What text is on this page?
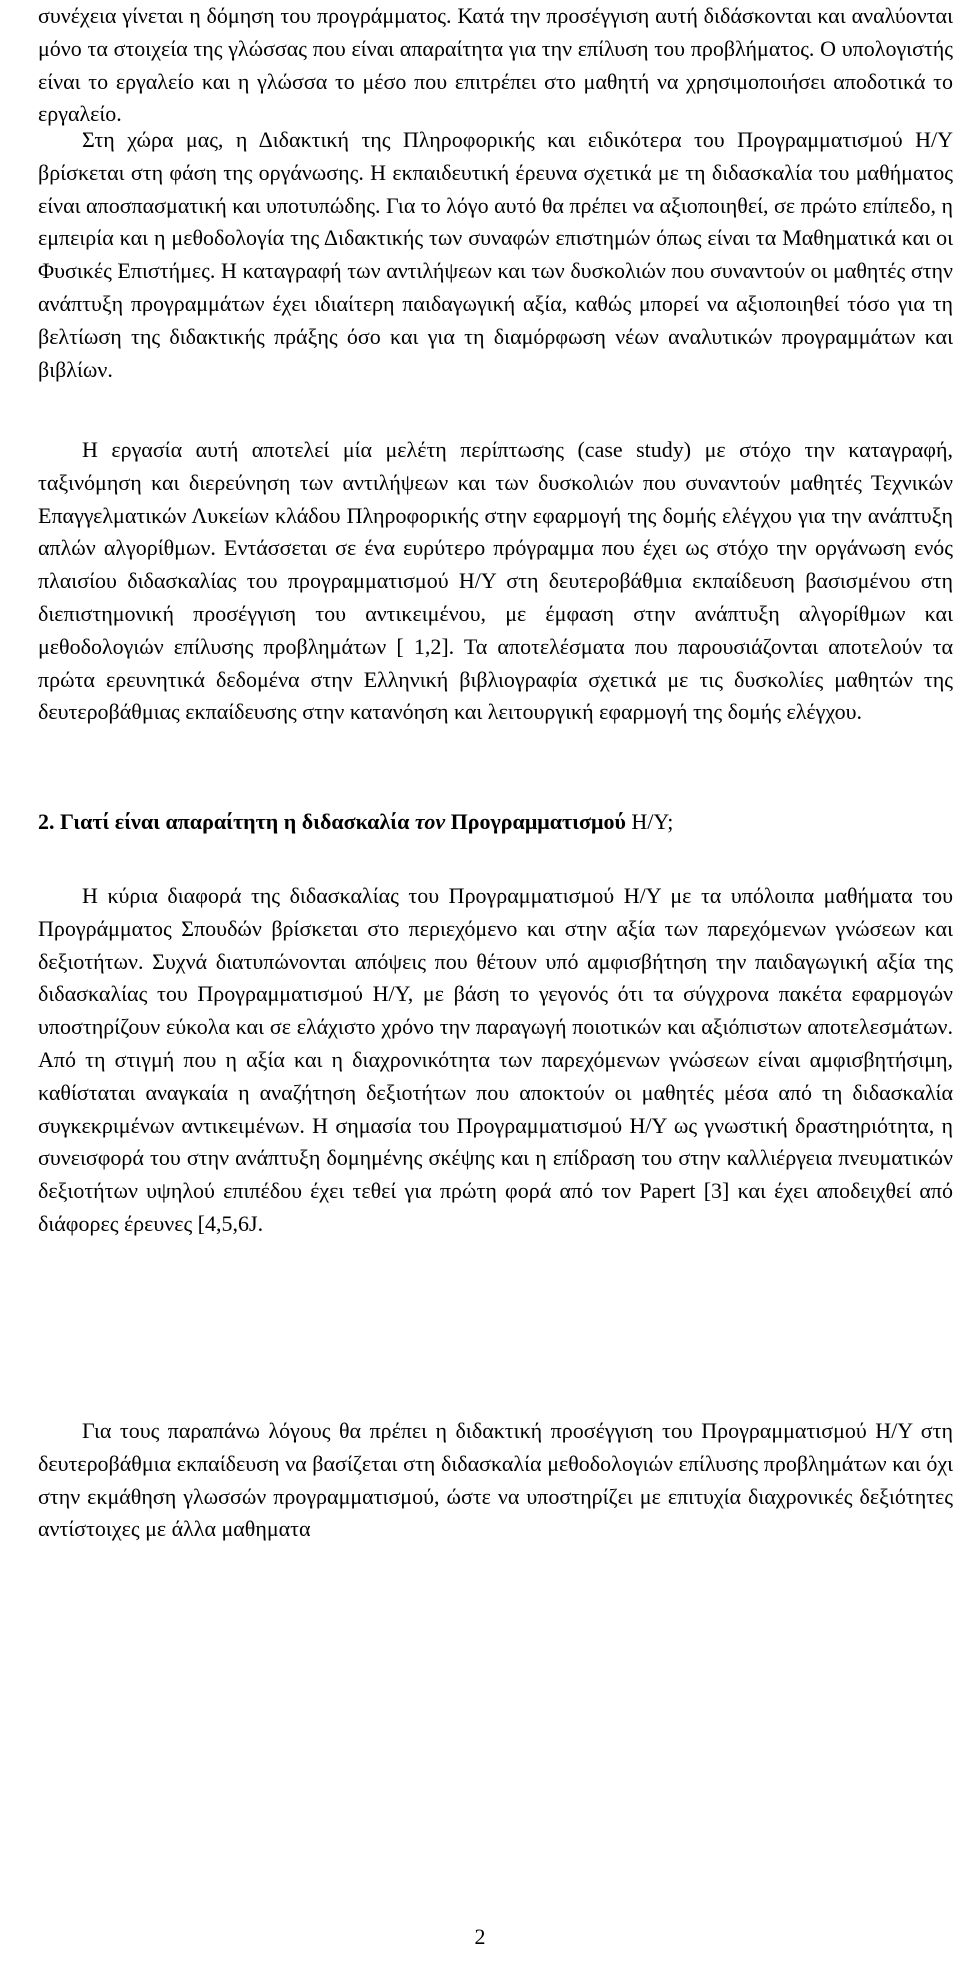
συνέχεια γίνεται η δόμηση του προγράμματος. Κατά την προσέγγιση αυτή διδάσκονται και αναλύονται μόνο τα στοιχεία της γλώσσας που είναι απαραίτητα για την επίλυση του προβλήματος. Ο υπολογιστής είναι το εργαλείο και η γλώσσα το μέσο που επιτρέπει στο μαθητή να χρησιμοποιήσει αποδοτικά το εργαλείο.

Στη χώρα μας, η Διδακτική της Πληροφορικής και ειδικότερα του Προγραμματισμού Η/Υ βρίσκεται στη φάση της οργάνωσης. Η εκπαιδευτική έρευνα σχετικά με τη διδασκαλία του μαθήματος είναι αποσπασματική και υποτυπώδης. Για το λόγο αυτό θα πρέπει να αξιοποιηθεί, σε πρώτο επίπεδο, η εμπειρία και η μεθοδολογία της Διδακτικής των συναφών επιστημών όπως είναι τα Μαθηματικά και οι Φυσικές Επιστήμες. Η καταγραφή των αντιλήψεων και των δυσκολιών που συναντούν οι μαθητές στην ανάπτυξη προγραμμάτων έχει ιδιαίτερη παιδαγωγική αξία, καθώς μπορεί να αξιοποιηθεί τόσο για τη βελτίωση της διδακτικής πράξης όσο και για τη διαμόρφωση νέων αναλυτικών προγραμμάτων και βιβλίων.

Η εργασία αυτή αποτελεί μία μελέτη περίπτωσης (case study) με στόχο την καταγραφή, ταξινόμηση και διερεύνηση των αντιλήψεων και των δυσκολιών που συναντούν μαθητές Τεχνικών Επαγγελματικών Λυκείων κλάδου Πληροφορικής στην εφαρμογή της δομής ελέγχου για την ανάπτυξη απλών αλγορίθμων. Εντάσσεται σε ένα ευρύτερο πρόγραμμα που έχει ως στόχο την οργάνωση ενός πλαισίου διδασκαλίας του προγραμματισμού Η/Υ στη δευτεροβάθμια εκπαίδευση βασισμένου στη διεπιστημονική προσέγγιση του αντικειμένου, με έμφαση στην ανάπτυξη αλγορίθμων και μεθοδολογιών επίλυσης προβλημάτων [ 1,2]. Τα αποτελέσματα που παρουσιάζονται αποτελούν τα πρώτα ερευνητικά δεδομένα στην Ελληνική βιβλιογραφία σχετικά με τις δυσκολίες μαθητών της δευτεροβάθμιας εκπαίδευσης στην κατανόηση και λειτουργική εφαρμογή της δομής ελέγχου.

2. Γιατί είναι απαραίτητη η διδασκαλία τον Προγραμματισμού Η/Υ;

Η κύρια διαφορά της διδασκαλίας του Προγραμματισμού Η/Υ με τα υπόλοιπα μαθήματα του Προγράμματος Σπουδών βρίσκεται στο περιεχόμενο και στην αξία των παρεχόμενων γνώσεων και δεξιοτήτων. Συχνά διατυπώνονται απόψεις που θέτουν υπό αμφισβήτηση την παιδαγωγική αξία της διδασκαλίας του Προγραμματισμού Η/Υ, με βάση το γεγονός ότι τα σύγχρονα πακέτα εφαρμογών υποστηρίζουν εύκολα και σε ελάχιστο χρόνο την παραγωγή ποιοτικών και αξιόπιστων αποτελεσμάτων. Από τη στιγμή που η αξία και η διαχρονικότητα των παρεχόμενων γνώσεων είναι αμφισβητήσιμη, καθίσταται αναγκαία η αναζήτηση δεξιοτήτων που αποκτούν οι μαθητές μέσα από τη διδασκαλία συγκεκριμένων αντικειμένων. Η σημασία του Προγραμματισμού Η/Υ ως γνωστική δραστηριότητα, η συνεισφορά του στην ανάπτυξη δομημένης σκέψης και η επίδραση του στην καλλιέργεια πνευματικών δεξιοτήτων υψηλού επιπέδου έχει τεθεί για πρώτη φορά από τον Papert [3] και έχει αποδειχθεί από διάφορες έρευνες [4,5,6J.

Για τους παραπάνω λόγους θα πρέπει η διδακτική προσέγγιση του Προγραμματισμού Η/Υ στη δευτεροβάθμια εκπαίδευση να βασίζεται στη διδασκαλία μεθοδολογιών επίλυσης προβλημάτων και όχι στην εκμάθηση γλωσσών προγραμματισμού, ώστε να υποστηρίζει με επιτυχία διαχρονικές δεξιότητες αντίστοιχες με άλλα μαθηματα

2
